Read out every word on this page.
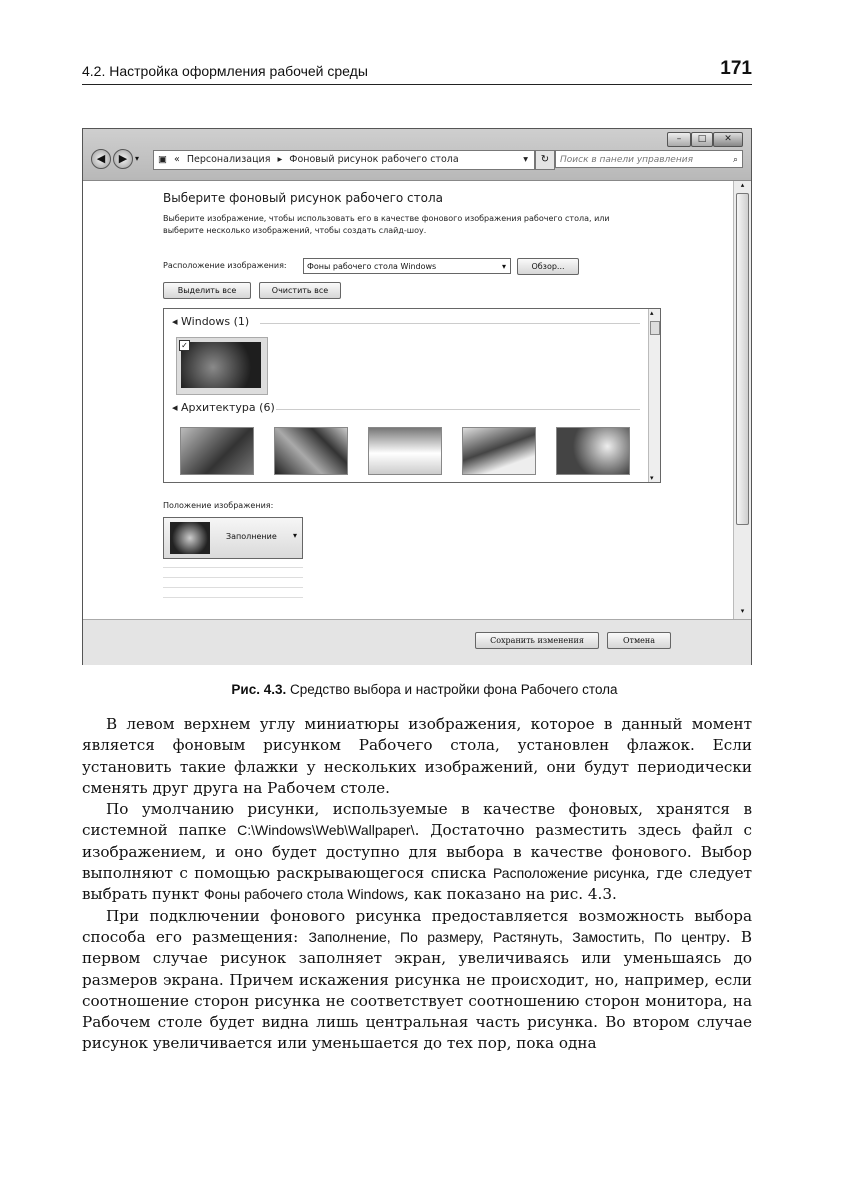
4.2. Настройка оформления рабочей среды	171
–	□	✕
◀	▶ ▾	▣ « Персонализация ▸ Фоновый рисунок рабочего стола	▾	↻	Поиск в панели управления	⌕
Выберите фоновый рисунок рабочего стола
Выберите изображение, чтобы использовать его в качестве фонового изображения рабочего стола, или выберите несколько изображений, чтобы создать слайд-шоу.
Расположение изображения:	Фоны рабочего стола Windows	▾	Обзор...
Выделить все	Очистить все
◂ Windows (1)
✓
◂ Архитектура (6)
▴
▾
Положение изображения:
Заполнение ▾
▴
▾
Сохранить изменения	Отмена
Рис. 4.3. Средство выбора и настройки фона Рабочего стола

В левом верхнем углу миниатюры изображения, которое в данный момент является фоновым рисунком Рабочего стола, установлен флажок. Если установить такие флажки у нескольких изображений, они будут периодически сменять друг друга на Рабочем столе.

По умолчанию рисунки, используемые в качестве фоновых, хранятся в системной папке C:\Windows\Web\Wallpaper\. Достаточно разместить здесь файл с изображением, и оно будет доступно для выбора в качестве фонового. Выбор выполняют с помощью раскрывающегося списка Расположение рисунка, где следует выбрать пункт Фоны рабочего стола Windows, как показано на рис. 4.3.

При подключении фонового рисунка предоставляется возможность выбора способа его размещения: Заполнение, По размеру, Растянуть, Замостить, По центру. В первом случае рисунок заполняет экран, увеличиваясь или уменьшаясь до размеров экрана. Причем искажения рисунка не происходит, но, например, если соотношение сторон рисунка не соответствует соотношению сторон монитора, на Рабочем столе будет видна лишь центральная часть рисунка. Во втором случае рисунок увеличивается или уменьшается до тех пор, пока одна
